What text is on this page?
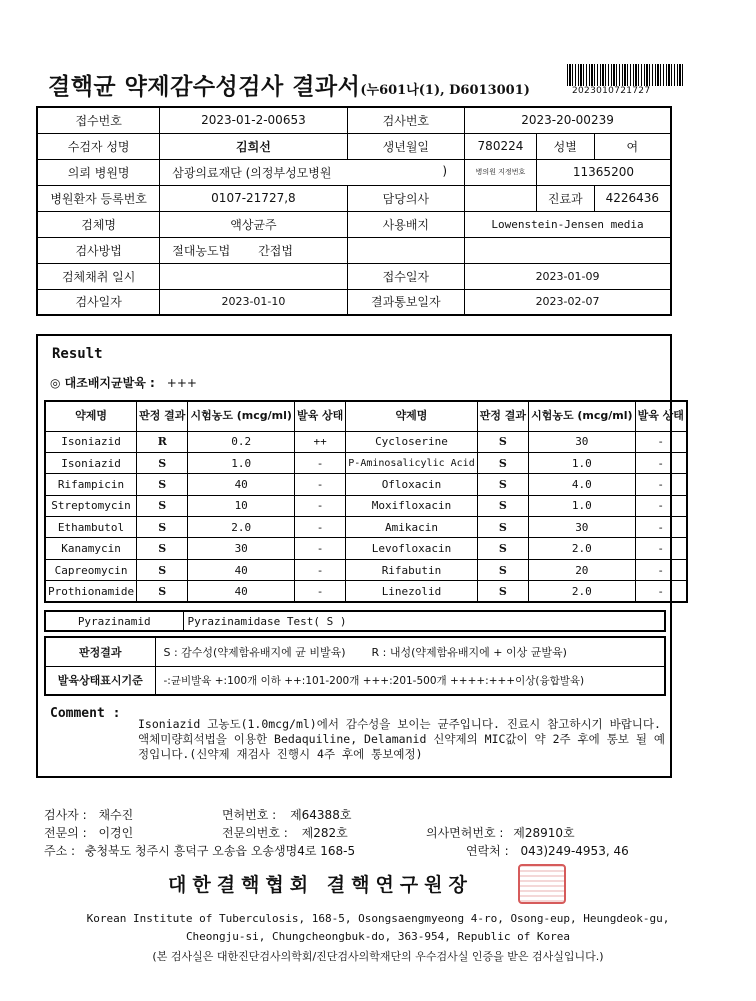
결핵균 약제감수성검사 결과서(누601나(1), D6013001)	2023010721727
접수번호	2023-01-2-00653	검사번호	2023-20-00239		
수검자 성명	김희선	생년월일	780224	성별	여
의뢰 병원명	삼광의료재단 (의정부성모병원 )		병의원 지정번호	11365200	
병원환자 등록번호	0107-21727,8	담당의사		진료과	4226436
검체명	액상균주	사용배지	Lowenstein-Jensen media		
검사방법	절대농도법 간접법				
검체채취 일시		접수일자	2023-01-09		
검사일자	2023-01-10	결과통보일자	2023-02-07		
Result
◎ 대조배지균발육 : +++
약제명	판정 결과	시험농도 (mcg/ml)	발육 상태	약제명	판정 결과	시험농도 (mcg/ml)	발육 상태
Isoniazid	R	0.2	++	Cycloserine	S	30	-
Isoniazid	S	1.0	-	P-Aminosalicylic Acid	S	1.0	-
Rifampicin	S	40	-	Ofloxacin	S	4.0	-
Streptomycin	S	10	-	Moxifloxacin	S	1.0	-
Ethambutol	S	2.0	-	Amikacin	S	30	-
Kanamycin	S	30	-	Levofloxacin	S	2.0	-
Capreomycin	S	40	-	Rifabutin	S	20	-
Prothionamide	S	40	-	Linezolid	S	2.0	-
Pyrazinamid	Pyrazinamidase Test( S )
판정결과	S : 감수성(약제함유배지에 균 비발육) R : 내성(약제함유배지에 + 이상 균발육)
발육상태표시기준	-:균비발육 +:100개 이하 ++:101-200개 +++:201-500개 ++++:+++이상(융합발육)
Comment :
Isoniazid 고농도(1.0mcg/ml)에서 감수성을 보이는 균주입니다. 진료시 참고하시기 바랍니다.액체미량희석법을 이용한 Bedaquiline, Delamanid 신약제의 MIC값이 약 2주 후에 통보 될 예정입니다.(신약제 재검사 진행시 4주 후에 통보예정)
검사자 : 채수진	면허번호 : 제64388호
전문의 : 이경인	전문의번호 : 제282호	의사면허번호 : 제28910호
주소 : 충청북도 청주시 흥덕구 오송읍 오송생명4로 168-5	연락처 : 043)249-4953, 46
대한결핵협회 결핵연구원장
Korean Institute of Tuberculosis, 168-5, Osongsaengmyeong 4-ro, Osong-eup, Heungdeok-gu,
Cheongju-si, Chungcheongbuk-do, 363-954, Republic of Korea
(본 검사실은 대한진단검사의학회/진단검사의학재단의 우수검사실 인증을 받은 검사실입니다.)
